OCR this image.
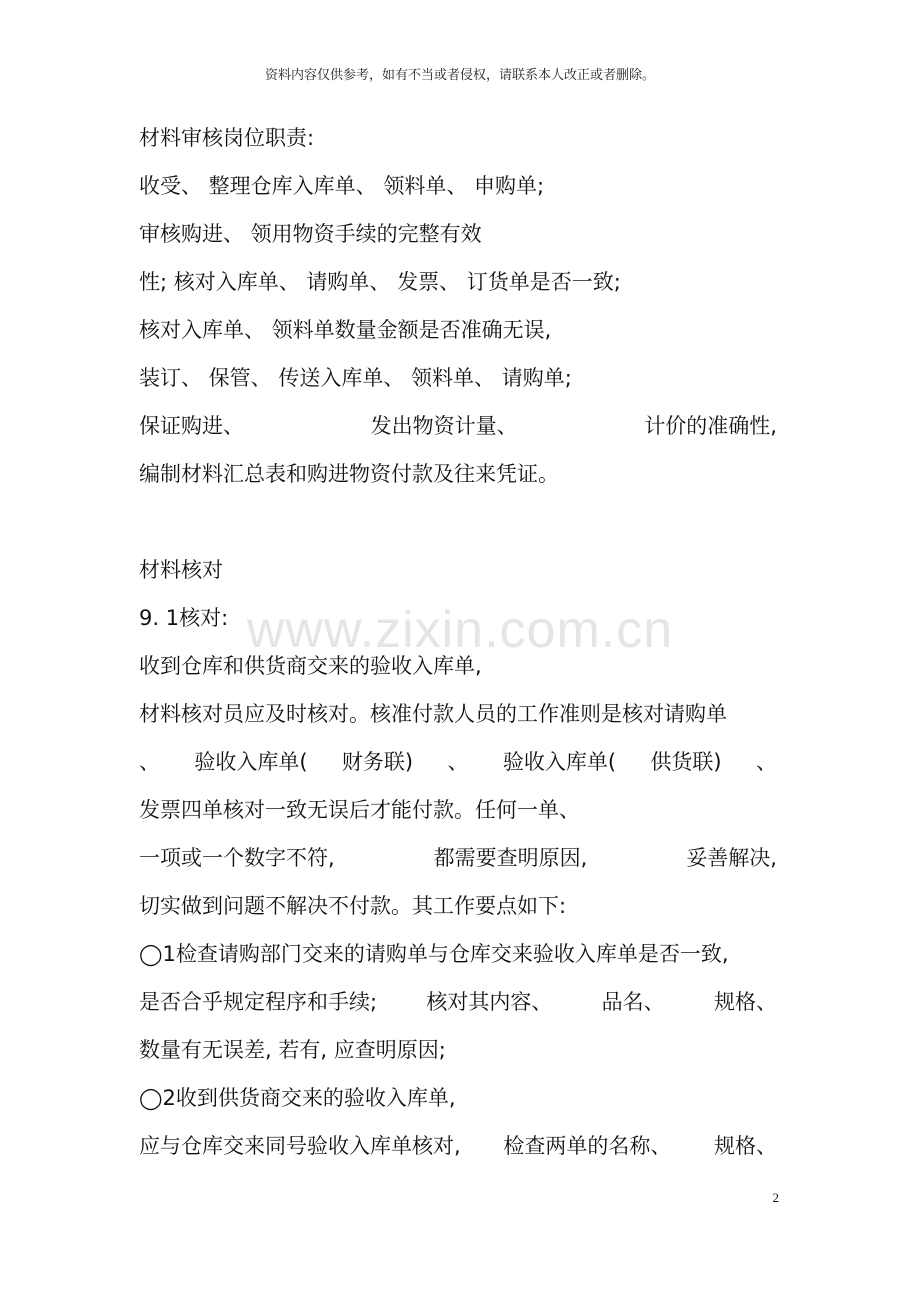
资料内容仅供参考，如有不当或者侵权，请联系本人改正或者删除。
www.zixin.com.cn
材料审核岗位职责:
收受、 整理仓库入库单、 领料单、 申购单;
审核购进、 领用物资手续的完整有效
性; 核对入库单、 请购单、 发票、 订货单是否一致;
核对入库单、 领料单数量金额是否准确无误,
装订、 保管、 传送入库单、 领料单、 请购单;
保证购进、	发出物资计量、	计价的准确性,
编制材料汇总表和购进物资付款及往来凭证。
材料核对
9. 1核对:
收到仓库和供货商交来的验收入库单,
材料核对员应及时核对。核准付款人员的工作准则是核对请购单
、 验收入库单( 财务联) 、 验收入库单( 供货联) 、
发票四单核对一致无误后才能付款。任何一单、
一项或一个数字不符,	都需要查明原因,	妥善解决,
切实做到问题不解决不付款。其工作要点如下:
◯1检查请购部门交来的请购单与仓库交来验收入库单是否一致,
是否合乎规定程序和手续; 核对其内容、 品名、 规格、
数量有无误差, 若有, 应查明原因;
◯2收到供货商交来的验收入库单,
应与仓库交来同号验收入库单核对, 检查两单的名称、 规格、
2
